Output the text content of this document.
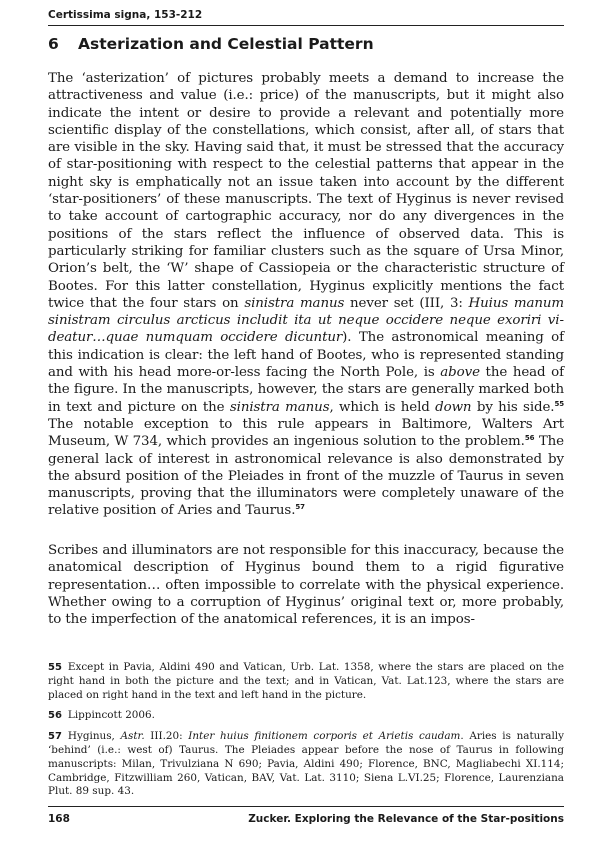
Certissima signa, 153-212
6 Asterization and Celestial Pattern

The ‘asterization’ of pictures probably meets a demand to increase the attractiveness and value (i.e.: price) of the manuscripts, but it might also indicate the intent or desire to provide a relevant and potentially more scientific display of the constellations, which consist, after all, of stars that are visible in the sky. Having said that, it must be stressed that the accuracy of star-positioning with respect to the celestial patterns that appear in the night sky is emphatically not an issue taken into account by the different ‘star-positioners’ of these manuscripts. The text of Hyginus is never revised to take account of cartographic accuracy, nor do any divergences in the positions of the stars reflect the influence of observed data. This is particularly striking for familiar clusters such as the square of Ursa Minor, Orion’s belt, the ‘W’ shape of Cassiopeia or the characteristic structure of Bootes. For this latter constellation, Hyginus explicitly mentions the fact twice that the four stars on sinistra manus never set (III, 3: Huius manum sinistram circulus arcticus includit ita ut neque occidere neque exoriri videatur…quae numquam occidere dicuntur). The astronomical meaning of this indication is clear: the left hand of Bootes, who is represented standing and with his head more-or-less facing the North Pole, is above the head of the figure. In the manuscripts, however, the stars are generally marked both in text and picture on the sinistra manus, which is held down by his side.$^{55}$ The notable exception to this rule appears in Baltimore, Walters Art Museum, W 734, which provides an ingenious solution to the problem.$^{56}$ The general lack of interest in astronomical relevance is also demonstrated by the absurd position of the Pleiades in front of the muzzle of Taurus in seven manuscripts, proving that the illuminators were completely unaware of the relative position of Aries and Taurus.$^{57}$

Scribes and illuminators are not responsible for this inaccuracy, because the anatomical description of Hyginus bound them to a rigid figurative representation… often impossible to correlate with the physical experience. Whether owing to a corruption of Hyginus’ original text or, more probably, to the imperfection of the anatomical references, it is an impos-

55 Except in Pavia, Aldini 490 and Vatican, Urb. Lat. 1358, where the stars are placed on the right hand in both the picture and the text; and in Vatican, Vat. Lat.123, where the stars are placed on right hand in the text and left hand in the picture.

56 Lippincott 2006.

57 Hyginus, Astr. III.20: Inter huius finitionem corporis et Arietis caudam. Aries is naturally ‘behind’ (i.e.: west of) Taurus. The Pleiades appear before the nose of Taurus in following manuscripts: Milan, Trivulziana N 690; Pavia, Aldini 490; Florence, BNC, Magliabechi XI.114; Cambridge, Fitzwilliam 260, Vatican, BAV, Vat. Lat. 3110; Siena L.VI.25; Florence, Laurenziana Plut. 89 sup. 43.

168	Zucker. Exploring the Relevance of the Star-positions
